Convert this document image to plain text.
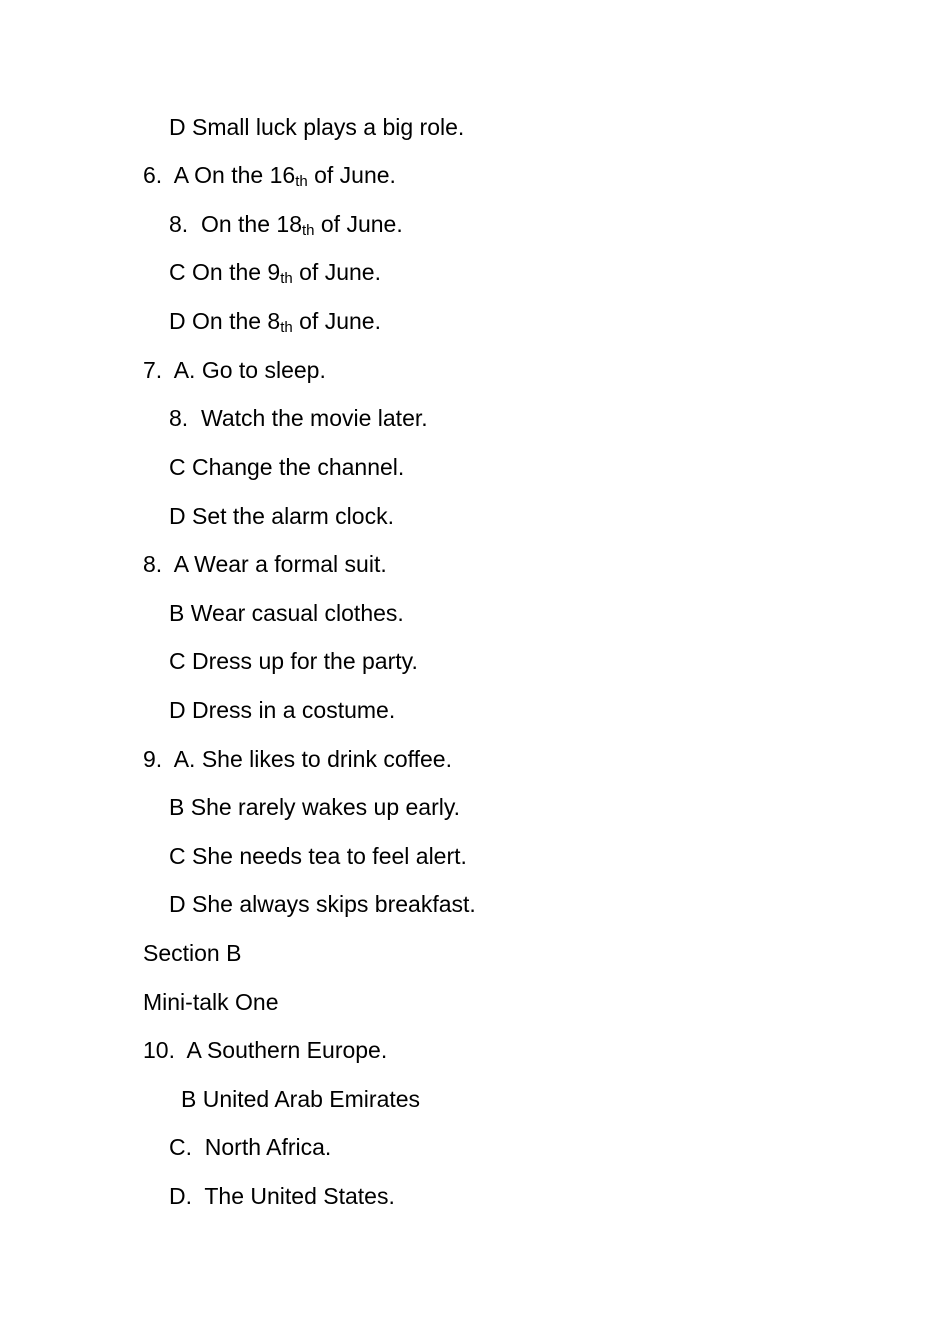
D Small luck plays a big role.
6.  A On the 16th of June.
8.  On the 18th of June.
C On the 9th of June.
D On the 8th of June.
7.  A. Go to sleep.
8.  Watch the movie later.
C Change the channel.
D Set the alarm clock.
8.  A Wear a formal suit.
B Wear casual clothes.
C Dress up for the party.
D Dress in a costume.
9.  A. She likes to drink coffee.
B She rarely wakes up early.
C She needs tea to feel alert.
D She always skips breakfast.
Section B
Mini-talk One
10.  A Southern Europe.
B United Arab Emirates
C.  North Africa.
D.  The United States.
